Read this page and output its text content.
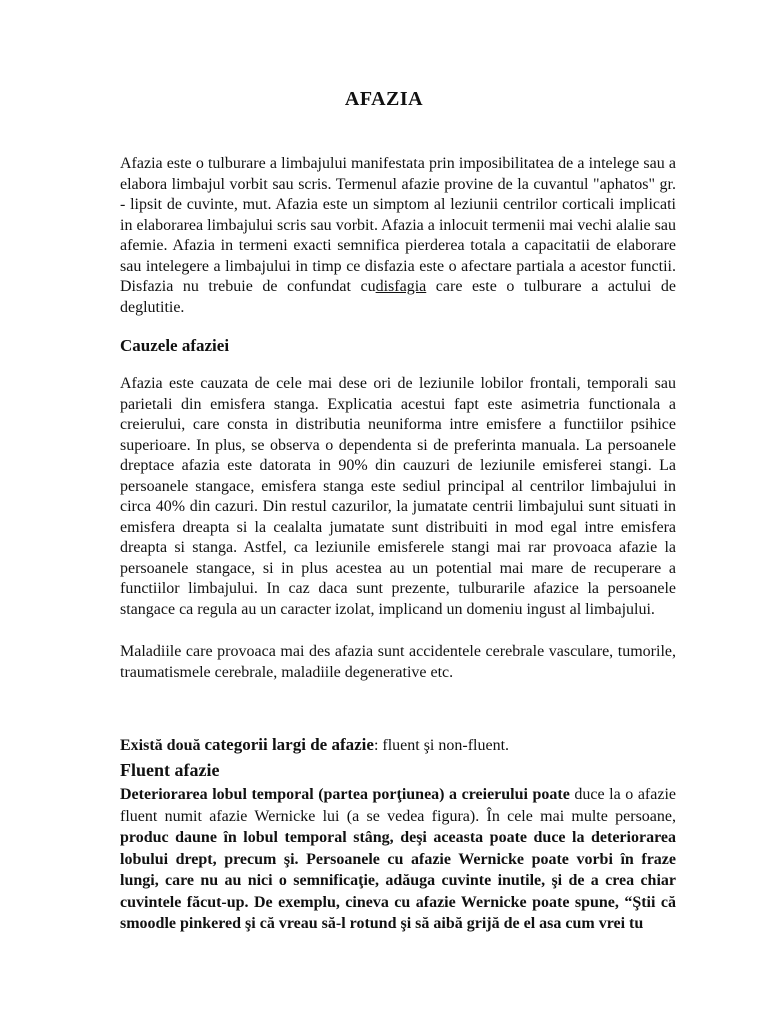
AFAZIA

Afazia este o tulburare a limbajului manifestata prin imposibilitatea de a intelege sau a elabora limbajul vorbit sau scris. Termenul afazie provine de la cuvantul "aphatos" gr. - lipsit de cuvinte, mut. Afazia este un simptom al leziunii centrilor corticali implicati in elaborarea limbajului scris sau vorbit. Afazia a inlocuit termenii mai vechi alalie sau afemie. Afazia in termeni exacti semnifica pierderea totala a capacitatii de elaborare sau intelegere a limbajului in timp ce disfazia este o afectare partiala a acestor functii. Disfazia nu trebuie de confundat cudisfagia care este o tulburare a actului de deglutitie.

Cauzele afaziei

Afazia este cauzata de cele mai dese ori de leziunile lobilor frontali, temporali sau parietali din emisfera stanga. Explicatia acestui fapt este asimetria functionala a creierului, care consta in distributia neuniforma intre emisfere a functiilor psihice superioare. In plus, se observa o dependenta si de preferinta manuala. La persoanele dreptace afazia este datorata in 90% din cauzuri de leziunile emisferei stangi. La persoanele stangace, emisfera stanga este sediul principal al centrilor limbajului in circa 40% din cazuri. Din restul cazurilor, la jumatate centrii limbajului sunt situati in emisfera dreapta si la cealalta jumatate sunt distribuiti in mod egal intre emisfera dreapta si stanga. Astfel, ca leziunile emisferele stangi mai rar provoaca afazie la persoanele stangace, si in plus acestea au un potential mai mare de recuperare a functiilor limbajului. In caz daca sunt prezente, tulburarile afazice la persoanele stangace ca regula au un caracter izolat, implicand un domeniu ingust al limbajului.

Maladiile care provoaca mai des afazia sunt accidentele cerebrale vasculare, tumorile, traumatismele cerebrale, maladiile degenerative etc.

Există două categorii largi de afazie: fluent şi non-fluent.

Fluent afazie

Deteriorarea lobul temporal (partea porţiunea) a creierului poate duce la o afazie fluent numit afazie Wernicke lui (a se vedea figura). În cele mai multe persoane, produc daune în lobul temporal stâng, deşi aceasta poate duce la deteriorarea lobului drept, precum şi. Persoanele cu afazie Wernicke poate vorbi în fraze lungi, care nu au nici o semnificaţie, adăuga cuvinte inutile, şi de a crea chiar cuvintele făcut-up. De exemplu, cineva cu afazie Wernicke poate spune, “Ştii că smoodle pinkered şi că vreau să-l rotund şi să aibă grijă de el asa cum vrei tu
